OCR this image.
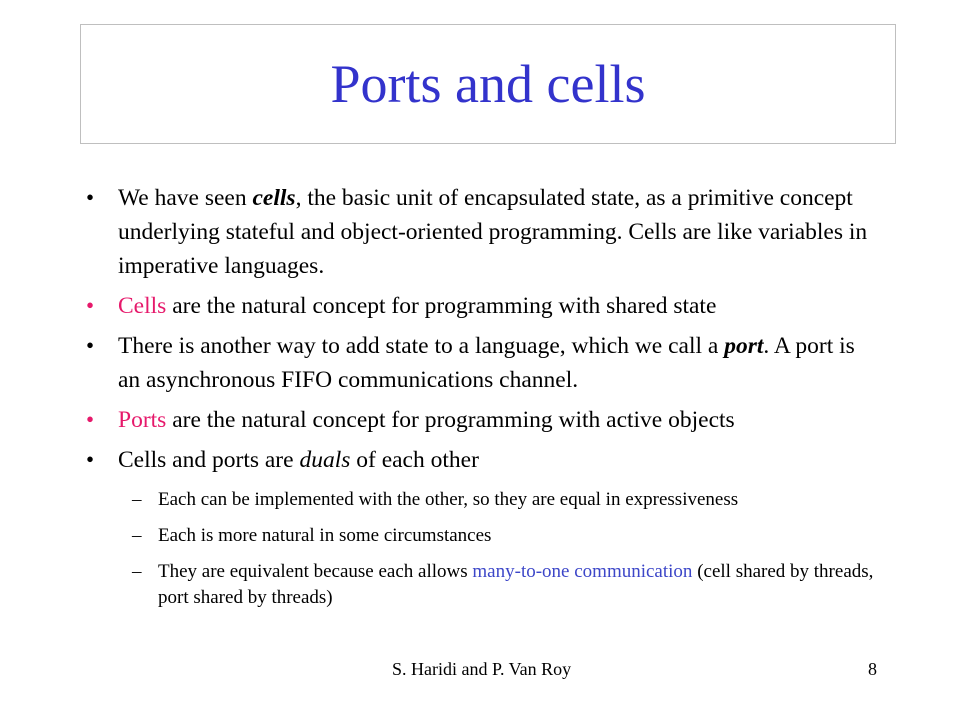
Ports and cells
•	We have seen cells, the basic unit of encapsulated state, as a primitive concept underlying stateful and object-oriented programming. Cells are like variables in imperative languages.
•	Cells are the natural concept for programming with shared state
•	There is another way to add state to a language, which we call a port. A port is an asynchronous FIFO communications channel.
•	Ports are the natural concept for programming with active objects
•	Cells and ports are duals of each other
– Each can be implemented with the other, so they are equal in expressiveness
– Each is more natural in some circumstances
– They are equivalent because each allows many-to-one communication (cell shared by threads, port shared by threads)
S. Haridi and P. Van Roy	8
